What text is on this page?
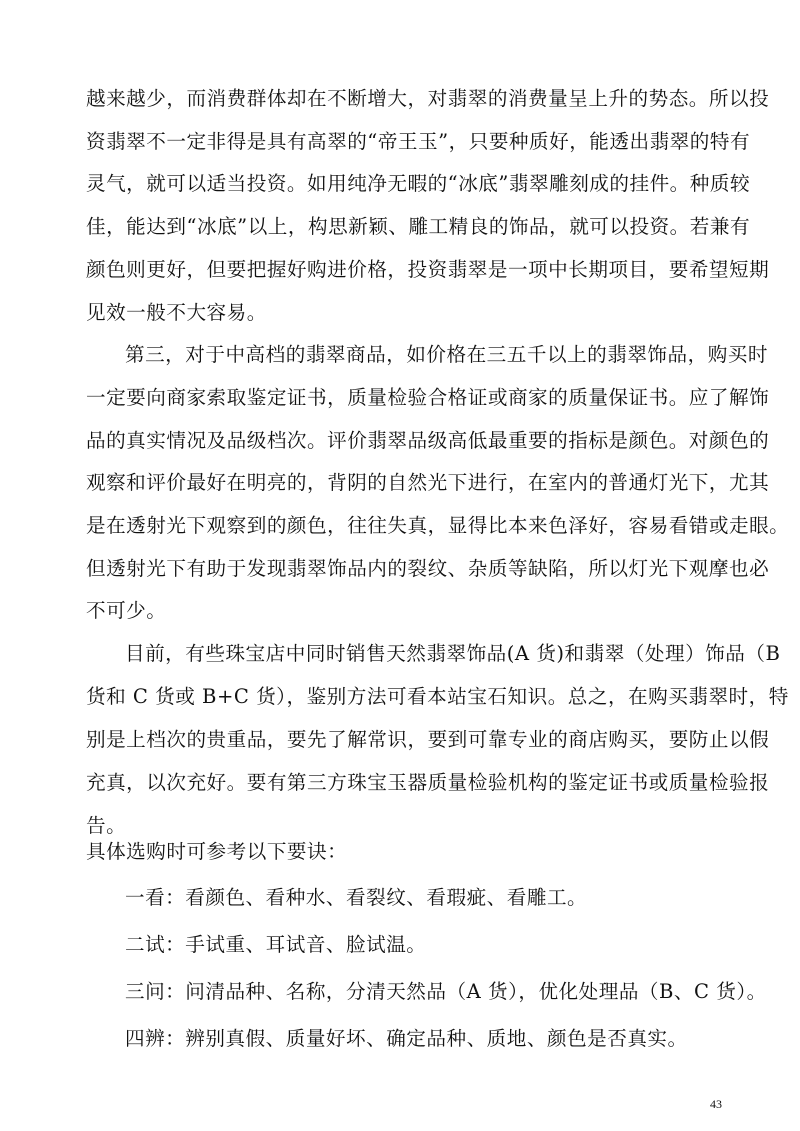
越来越少，而消费群体却在不断增大，对翡翠的消费量呈上升的势态。所以投

资翡翠不一定非得是具有高翠的“帝王玉”，只要种质好，能透出翡翠的特有

灵气，就可以适当投资。如用纯净无暇的“冰底”翡翠雕刻成的挂件。种质较

佳，能达到“冰底”以上，构思新颖、雕工精良的饰品，就可以投资。若兼有

颜色则更好，但要把握好购进价格，投资翡翠是一项中长期项目，要希望短期

见效一般不大容易。

第三，对于中高档的翡翠商品，如价格在三五千以上的翡翠饰品，购买时

一定要向商家索取鉴定证书，质量检验合格证或商家的质量保证书。应了解饰

品的真实情况及品级档次。评价翡翠品级高低最重要的指标是颜色。对颜色的

观察和评价最好在明亮的，背阴的自然光下进行，在室内的普通灯光下，尤其

是在透射光下观察到的颜色，往往失真，显得比本来色泽好，容易看错或走眼。

但透射光下有助于发现翡翠饰品内的裂纹、杂质等缺陷，所以灯光下观摩也必

不可少。

目前，有些珠宝店中同时销售天然翡翠饰品(A 货)和翡翠（处理）饰品（B

货和 C 货或 B+C 货），鉴别方法可看本站宝石知识。总之，在购买翡翠时，特

别是上档次的贵重品，要先了解常识，要到可靠专业的商店购买，要防止以假

充真，以次充好。要有第三方珠宝玉器质量检验机构的鉴定证书或质量检验报

告。

具体选购时可参考以下要诀：

一看：看颜色、看种水、看裂纹、看瑕疵、看雕工。

二试：手试重、耳试音、脸试温。

三问：问清品种、名称，分清天然品（A 货），优化处理品（B、C 货）。

四辨：辨别真假、质量好坏、确定品种、质地、颜色是否真实。

43
